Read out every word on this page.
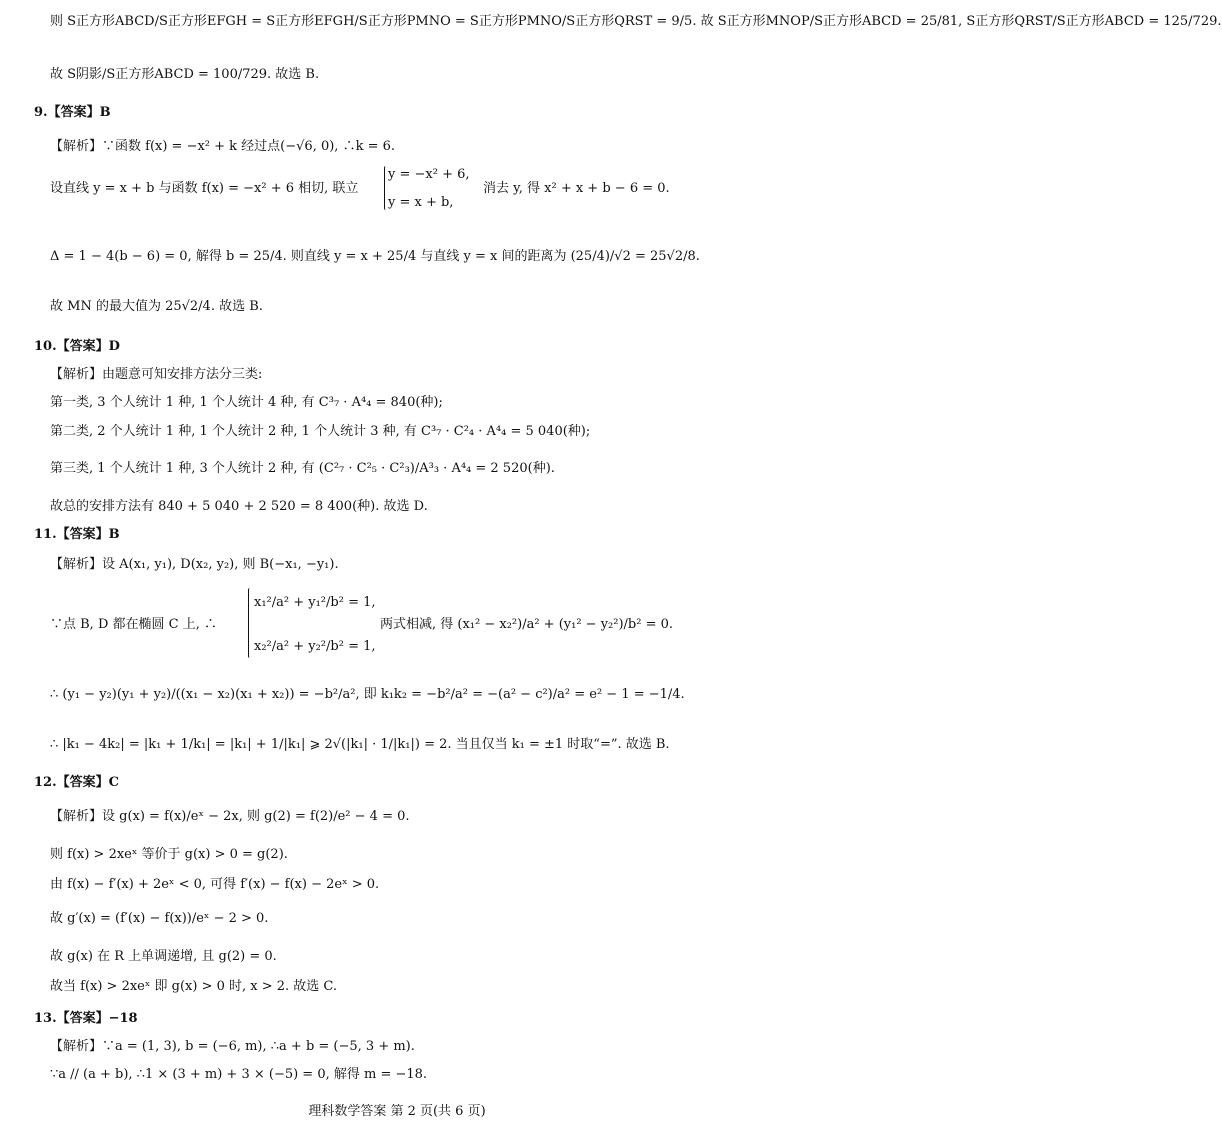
则 S正方形ABCD/S正方形EFGH = S正方形EFGH/S正方形PMNO = S正方形PMNO/S正方形QRST = 9/5. 故 S正方形MNOP/S正方形ABCD = 25/81, S正方形QRST/S正方形ABCD = 125/729.
故 S阴影/S正方形ABCD = 100/729. 故选 B.
9.【答案】B
【解析】∵函数 f(x) = −x² + k 经过点(−√6, 0), ∴k = 6.
设直线 y = x + b 与函数 f(x) = −x² + 6 相切, 联立
y = −x² + 6,
y = x + b,
消去 y, 得 x² + x + b − 6 = 0.
Δ = 1 − 4(b − 6) = 0, 解得 b = 25/4. 则直线 y = x + 25/4 与直线 y = x 间的距离为 (25/4)/√2 = 25√2/8.
故 MN 的最大值为 25√2/4. 故选 B.
10.【答案】D
【解析】由题意可知安排方法分三类:
第一类, 3 个人统计 1 种, 1 个人统计 4 种, 有 C³₇ · A⁴₄ = 840(种);
第二类, 2 个人统计 1 种, 1 个人统计 2 种, 1 个人统计 3 种, 有 C³₇ · C²₄ · A⁴₄ = 5 040(种);
第三类, 1 个人统计 1 种, 3 个人统计 2 种, 有 (C²₇ · C²₅ · C²₃)/A³₃ · A⁴₄ = 2 520(种).
故总的安排方法有 840 + 5 040 + 2 520 = 8 400(种). 故选 D.
11.【答案】B
【解析】设 A(x₁, y₁), D(x₂, y₂), 则 B(−x₁, −y₁).
∵点 B, D 都在椭圆 C 上, ∴
x₁²/a² + y₁²/b² = 1,
x₂²/a² + y₂²/b² = 1,
两式相减, 得 (x₁² − x₂²)/a² + (y₁² − y₂²)/b² = 0.
∴ (y₁ − y₂)(y₁ + y₂)/((x₁ − x₂)(x₁ + x₂)) = −b²/a², 即 k₁k₂ = −b²/a² = −(a² − c²)/a² = e² − 1 = −1/4.
∴ |k₁ − 4k₂| = |k₁ + 1/k₁| = |k₁| + 1/|k₁| ⩾ 2√(|k₁| · 1/|k₁|) = 2. 当且仅当 k₁ = ±1 时取“=”. 故选 B.
12.【答案】C
【解析】设 g(x) = f(x)/eˣ − 2x, 则 g(2) = f(2)/e² − 4 = 0.
则 f(x) > 2xeˣ 等价于 g(x) > 0 = g(2).
由 f(x) − f′(x) + 2eˣ < 0, 可得 f′(x) − f(x) − 2eˣ > 0.
故 g′(x) = (f′(x) − f(x))/eˣ − 2 > 0.
故 g(x) 在 R 上单调递增, 且 g(2) = 0.
故当 f(x) > 2xeˣ 即 g(x) > 0 时, x > 2. 故选 C.
13.【答案】−18
【解析】∵a = (1, 3), b = (−6, m), ∴a + b = (−5, 3 + m).
∵a // (a + b), ∴1 × (3 + m) + 3 × (−5) = 0, 解得 m = −18.
理科数学答案 第 2 页(共 6 页)
